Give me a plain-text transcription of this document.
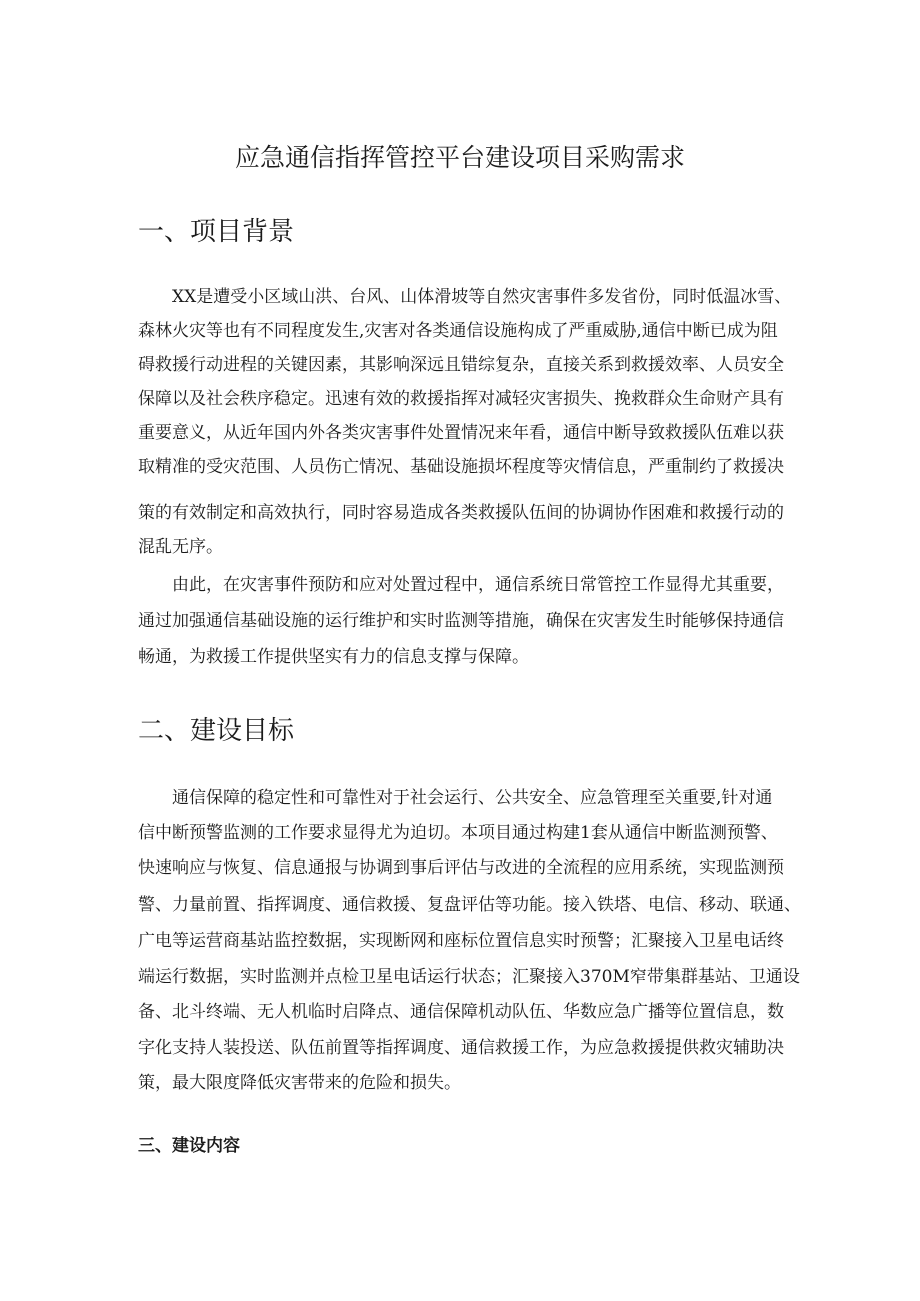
应急通信指挥管控平台建设项目采购需求
一、项目背景
XX是遭受小区域山洪、台风、山体滑坡等自然灾害事件多发省份，同时低温冰雪、
森林火灾等也有不同程度发生,灾害对各类通信设施构成了严重威胁,通信中断已成为阻
碍救援行动进程的关键因素，其影响深远且错综复杂，直接关系到救援效率、人员安全
保障以及社会秩序稳定。迅速有效的救援指挥对减轻灾害损失、挽救群众生命财产具有
重要意义，从近年国内外各类灾害事件处置情况来年看，通信中断导致救援队伍难以获
取精准的受灾范围、人员伤亡情况、基础设施损坏程度等灾情信息，严重制约了救援决
策的有效制定和高效执行，同时容易造成各类救援队伍间的协调协作困难和救援行动的
混乱无序。
由此，在灾害事件预防和应对处置过程中，通信系统日常管控工作显得尤其重要，
通过加强通信基础设施的运行维护和实时监测等措施，确保在灾害发生时能够保持通信
畅通，为救援工作提供坚实有力的信息支撑与保障。
二、建设目标
通信保障的稳定性和可靠性对于社会运行、公共安全、应急管理至关重要,针对通
信中断预警监测的工作要求显得尤为迫切。本项目通过构建1套从通信中断监测预警、
快速响应与恢复、信息通报与协调到事后评估与改进的全流程的应用系统，实现监测预
警、力量前置、指挥调度、通信救援、复盘评估等功能。接入铁塔、电信、移动、联通、
广电等运营商基站监控数据，实现断网和座标位置信息实时预警；汇聚接入卫星电话终
端运行数据，实时监测并点检卫星电话运行状态；汇聚接入370M窄带集群基站、卫通设
备、北斗终端、无人机临时启降点、通信保障机动队伍、华数应急广播等位置信息，数
字化支持人装投送、队伍前置等指挥调度、通信救援工作，为应急救援提供救灾辅助决
策，最大限度降低灾害带来的危险和损失。
三、建设内容
